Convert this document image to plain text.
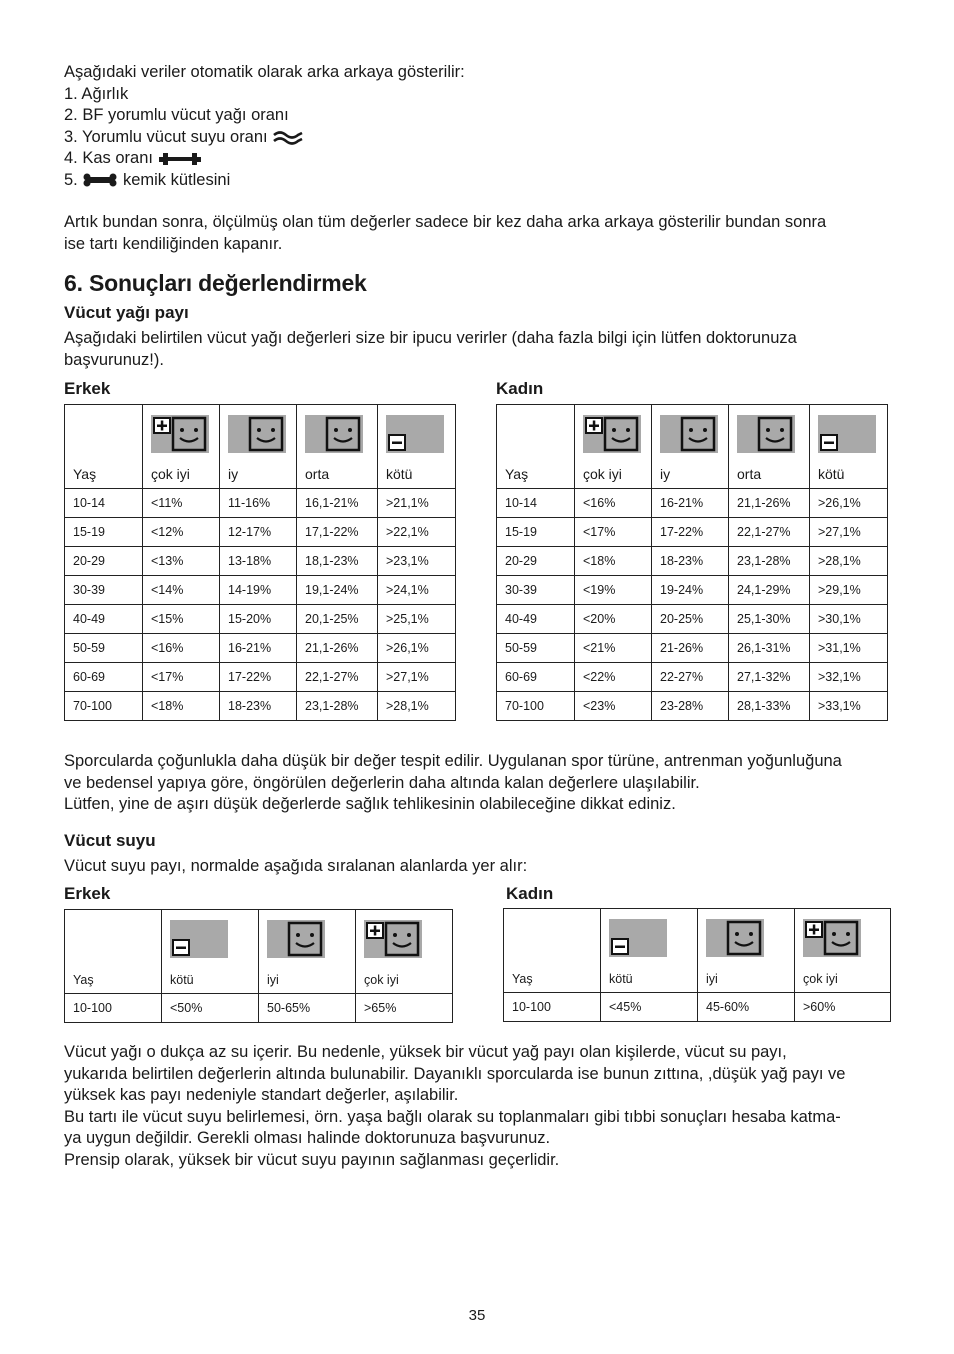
Aşağıdaki veriler otomatik olarak arka arkaya gösterilir:
1. Ağırlık
2. BF yorumlu vücut yağı oranı
3. Yorumlu vücut suyu oranı
4. Kas oranı
5.	kemik kütlesini
Artık bundan sonra, ölçülmüş olan tüm değerler sadece bir kez daha arka arkaya gösterilir bundan sonra
ise tartı kendiliğinden kapanır.
6. Sonuçları değerlendirmek
Vücut yağı payı
Aşağıdaki belirtilen vücut yağı değerleri size bir ipucu verirler (daha fazla bilgi için lütfen doktorunuza
başvurunuz!).
Erkek	Kadın
Yaş	çok iyi	iy	orta	kötü
10-14	<11%	11-16%	16,1-21%	>21,1%
15-19	<12%	12-17%	17,1-22%	>22,1%
20-29	<13%	13-18%	18,1-23%	>23,1%
30-39	<14%	14-19%	19,1-24%	>24,1%
40-49	<15%	15-20%	20,1-25%	>25,1%
50-59	<16%	16-21%	21,1-26%	>26,1%
60-69	<17%	17-22%	22,1-27%	>27,1%
70-100	<18%	18-23%	23,1-28%	>28,1%
Yaş	çok iyi	iy	orta	kötü
10-14	<16%	16-21%	21,1-26%	>26,1%
15-19	<17%	17-22%	22,1-27%	>27,1%
20-29	<18%	18-23%	23,1-28%	>28,1%
30-39	<19%	19-24%	24,1-29%	>29,1%
40-49	<20%	20-25%	25,1-30%	>30,1%
50-59	<21%	21-26%	26,1-31%	>31,1%
60-69	<22%	22-27%	27,1-32%	>32,1%
70-100	<23%	23-28%	28,1-33%	>33,1%
Sporcularda çoğunlukla daha düşük bir değer tespit edilir. Uygulanan spor türüne, antrenman yoğunluğuna
ve bedensel yapıya göre, öngörülen değerlerin daha altında kalan değerlere ulaşılabilir.
Lütfen, yine de aşırı düşük değerlerde sağlık tehlikesinin olabileceğine dikkat ediniz.
Vücut suyu
Vücut suyu payı, normalde aşağıda sıralanan alanlarda yer alır:
Erkek	Kadın
Yaş	kötü	iyi	çok iyi
10-100	<50%	50-65%	>65%
Yaş	kötü	iyi	çok iyi
10-100	<45%	45-60%	>60%
Vücut yağı o dukça az su içerir. Bu nedenle, yüksek bir vücut yağ payı olan kişilerde, vücut su payı,
yukarıda belirtilen değerlerin altında bulunabilir. Dayanıklı sporcularda ise bunun zıttına, ,düşük yağ payı ve
yüksek kas payı nedeniyle standart değerler, aşılabilir.
Bu tartı ile vücut suyu belirlemesi, örn. yaşa bağlı olarak su toplanmaları gibi tıbbi sonuçları hesaba katma-
ya uygun değildir. Gerekli olması halinde doktorunuza başvurunuz.
Prensip olarak, yüksek bir vücut suyu payının sağlanması geçerlidir.
35
